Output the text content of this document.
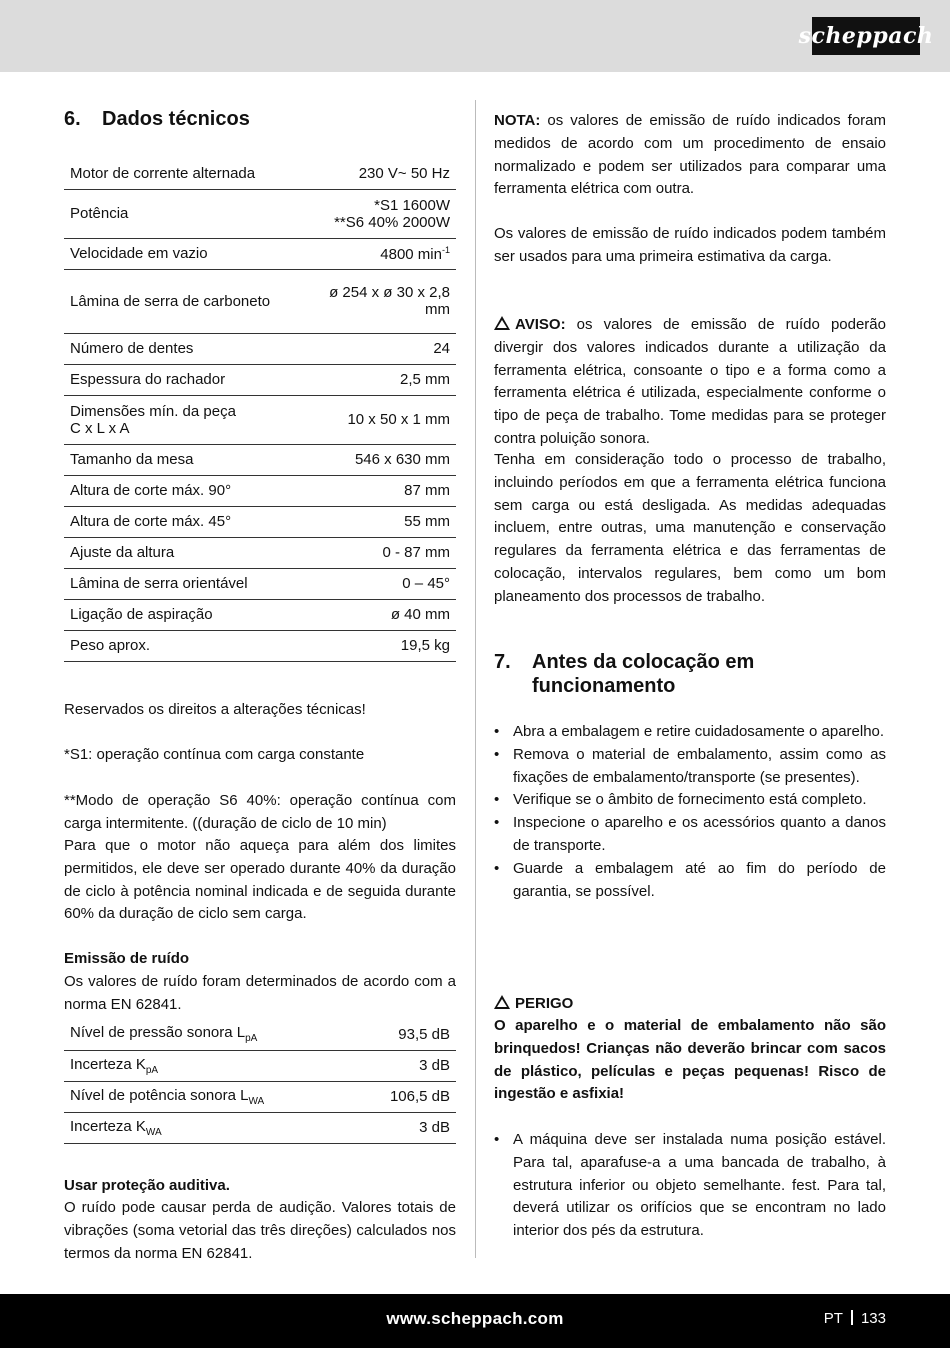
scheppach
6. Dados técnicos
Motor de corrente alternada	230 V~ 50 Hz

Potência	*S1 1600W
**S6 40% 2000W

Velocidade em vazio	4800 $\min^{-1}$

Lâmina de serra de carboneto	ø 254 x ø 30 x 2,8
mm

Número de dentes	24

Espessura do rachador	2,5 mm

Dimensões mín. da peça
C x L x A	10 x 50 x 1 mm

Tamanho da mesa	546 x 630 mm

Altura de corte máx. 90°	87 mm

Altura de corte máx. 45°	55 mm

Ajuste da altura	0 - 87 mm

Lâmina de serra orientável	0 – 45°

Ligação de aspiração	ø 40 mm

Peso aprox.	19,5 kg

Reservados os direitos a alterações técnicas!

*S1: operação contínua com carga constante

**Modo de operação S6 40%: operação contínua com carga intermitente. ((duração de ciclo de 10 min)

Para que o motor não aqueça para além dos limites permitidos, ele deve ser operado durante 40% da duração de ciclo à potência nominal indicada e de seguida durante 60% da duração de ciclo sem carga.

Emissão de ruído

Os valores de ruído foram determinados de acordo com a norma EN 62841.

Nível de pressão sonora $L_{pA}$	93,5 dB
Incerteza $K_{pA}$	3 dB
Nível de potência sonora $L_{WA}$	106,5 dB
Incerteza $K_{WA}$	3 dB

Usar proteção auditiva.

O ruído pode causar perda de audição. Valores totais de vibrações (soma vetorial das três direções) calculados nos termos da norma EN 62841.

NOTA: os valores de emissão de ruído indicados foram medidos de acordo com um procedimento de ensaio normalizado e podem ser utilizados para comparar uma ferramenta elétrica com outra.

Os valores de emissão de ruído indicados podem também ser usados para uma primeira estimativa da carga.

AVISO: os valores de emissão de ruído poderão divergir dos valores indicados durante a utilização da ferramenta elétrica, consoante o tipo e a forma como a ferramenta elétrica é utilizada, especialmente conforme o tipo de peça de trabalho. Tome medidas para se proteger contra poluição sonora.

Tenha em consideração todo o processo de trabalho, incluindo períodos em que a ferramenta elétrica funciona sem carga ou está desligada. As medidas adequadas incluem, entre outras, uma manutenção e conservação regulares da ferramenta elétrica e das ferramentas de colocação, intervalos regulares, bem como um bom planeamento dos processos de trabalho.

7. Antes da colocação em
funcionamento
• Abra a embalagem e retire cuidadosamente o aparelho.
• Remova o material de embalamento, assim como as fixações de embalamento/transporte (se presentes).
• Verifique se o âmbito de fornecimento está completo.
• Inspecione o aparelho e os acessórios quanto a danos de transporte.
• Guarde a embalagem até ao fim do período de garantia, se possível.

PERIGO

O aparelho e o material de embalamento não são brinquedos! Crianças não deverão brincar com sacos de plástico, películas e peças pequenas! Risco de ingestão e asfixia!

• A máquina deve ser instalada numa posição estável. Para tal, aparafuse-a a uma bancada de trabalho, à estrutura inferior ou objeto semelhante. fest. Para tal, deverá utilizar os orifícios que se encontram no lado interior dos pés da estrutura.
www.scheppach.com	PT 133
